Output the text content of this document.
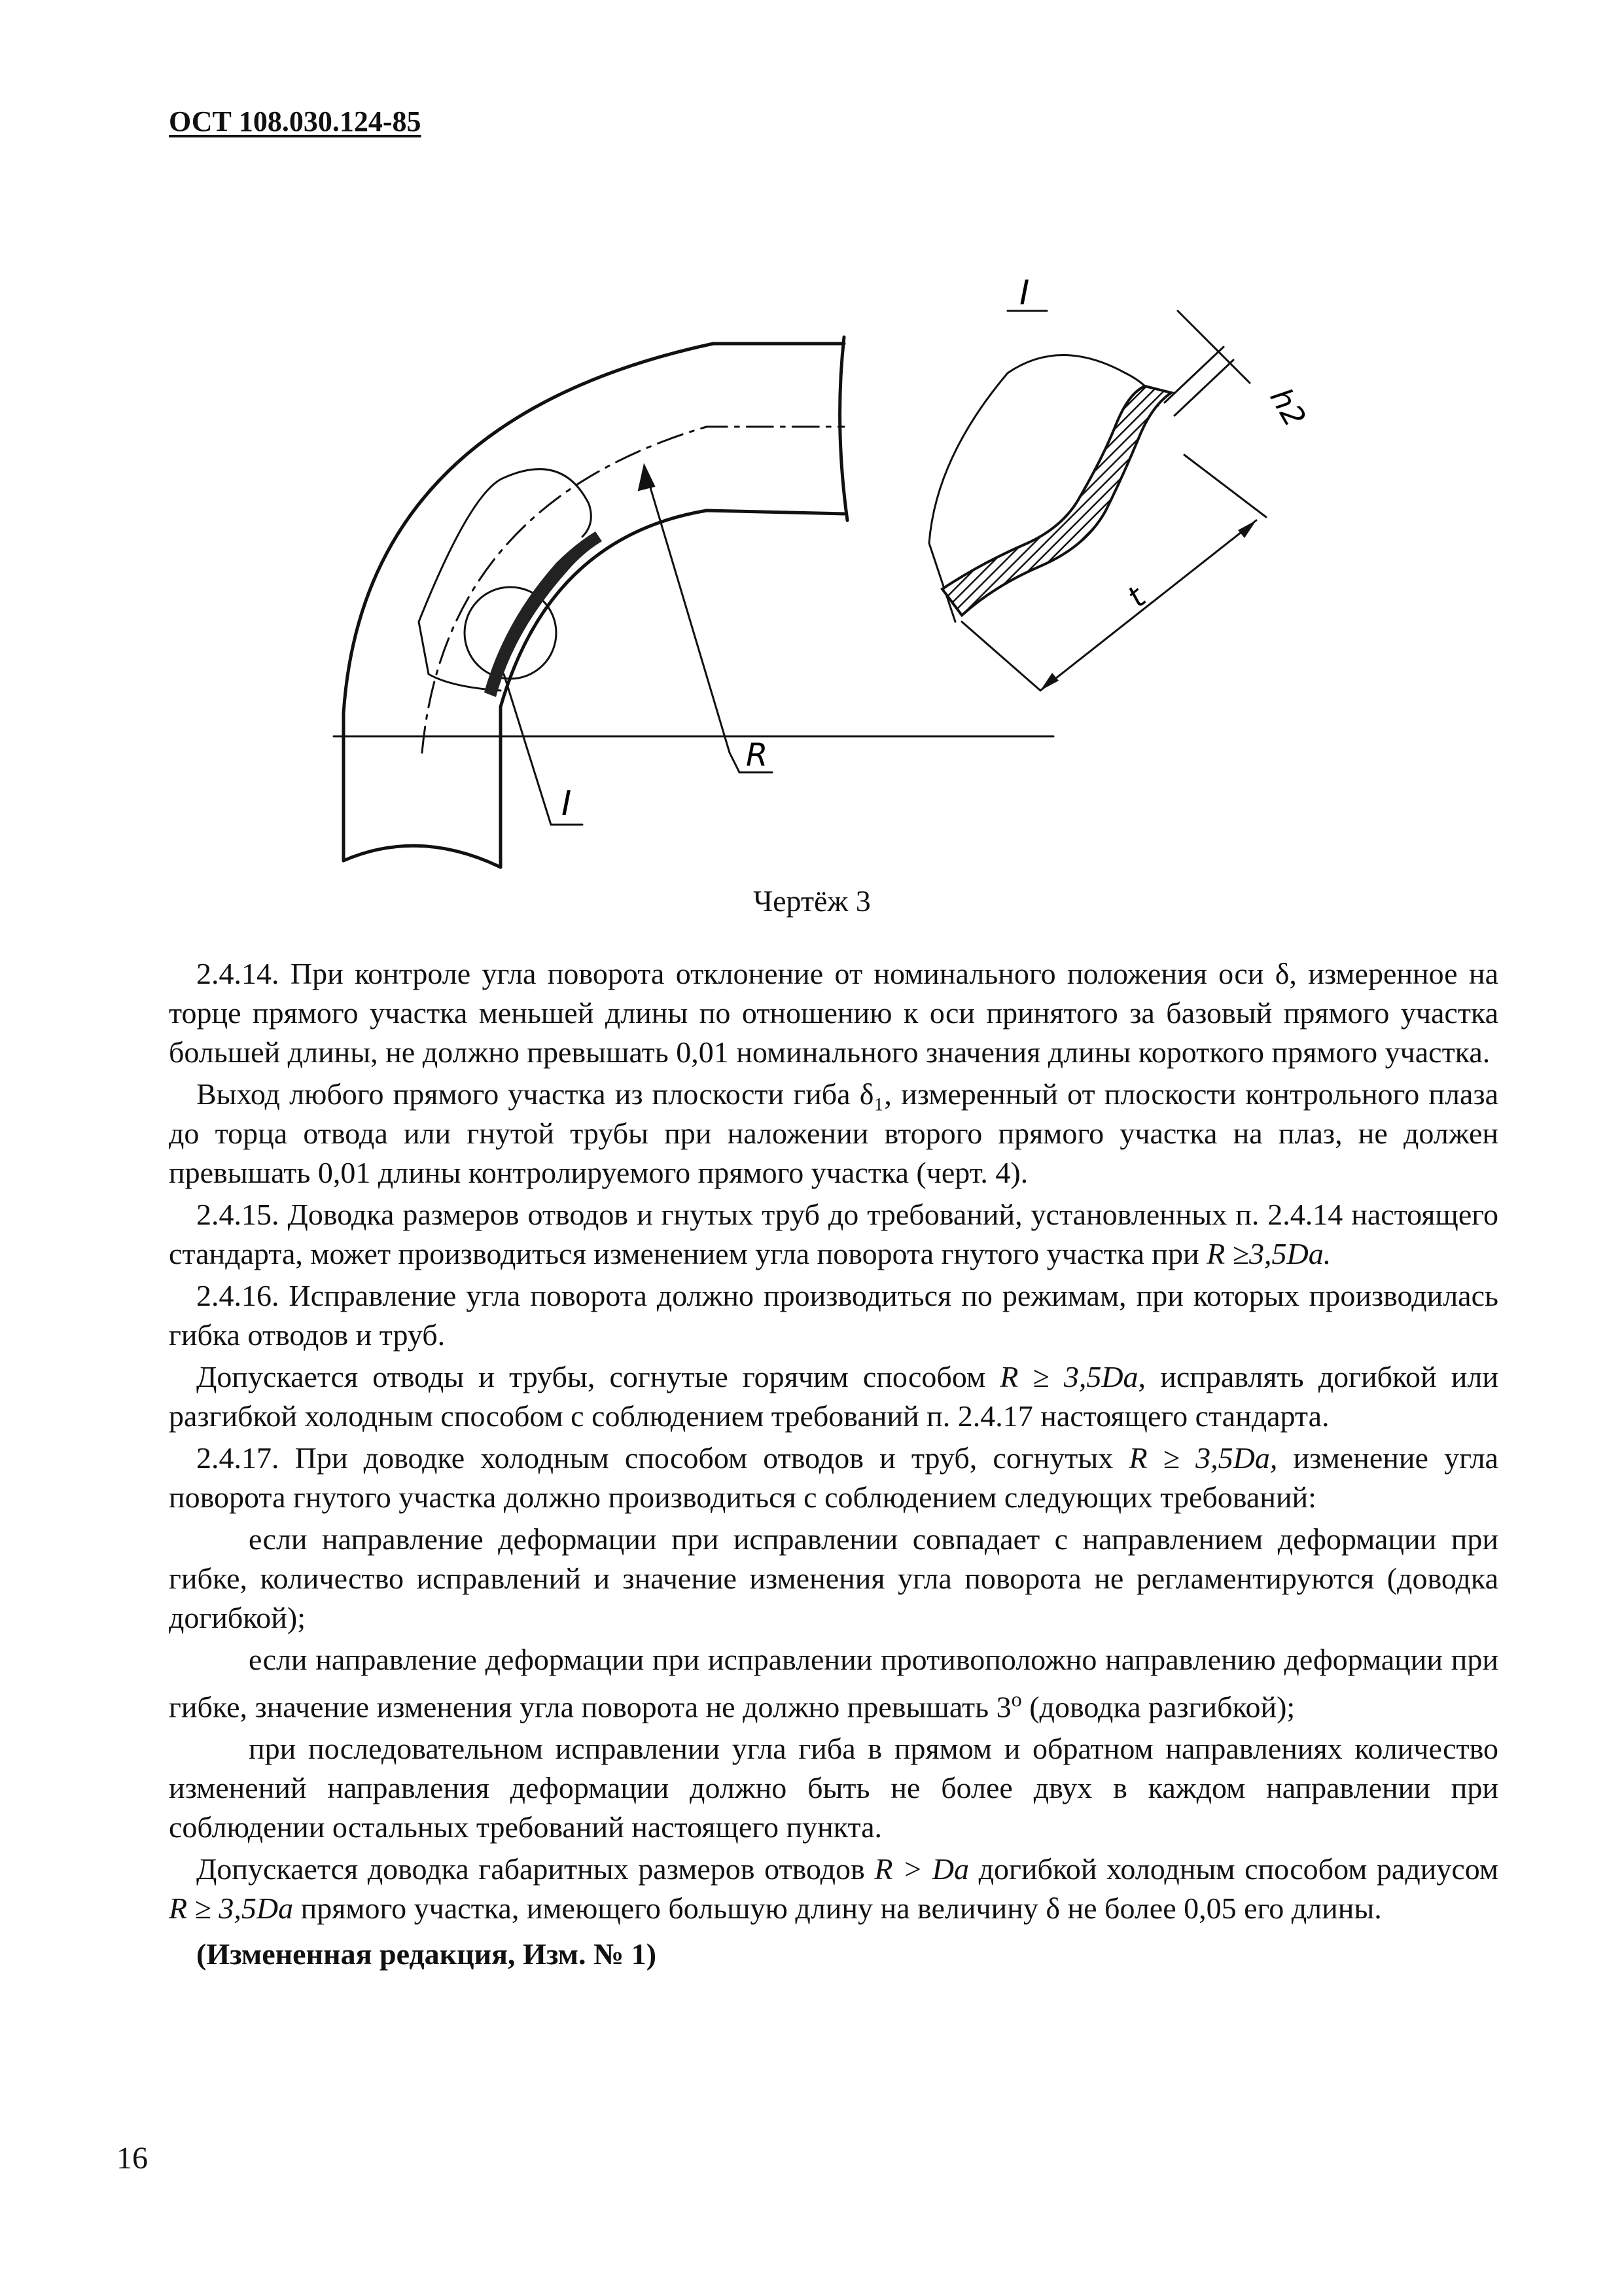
ОСТ 108.030.124-85
I
R
I
h2
t
Чертёж 3

2.4.14. При контроле угла поворота отклонение от номинального положения оси δ, измеренное на торце прямого участка меньшей длины по отношению к оси принятого за базовый прямого участка большей длины, не должно превышать 0,01 номинального значения длины короткого прямого участка.

Выход любого прямого участка из плоскости гиба δ₁, измеренный от плоскости контрольного плаза до торца отвода или гнутой трубы при наложении второго прямого участка на плаз, не должен превышать 0,01 длины контролируемого прямого участка (черт. 4).

2.4.15. Доводка размеров отводов и гнутых труб до требований, установленных п. 2.4.14 настоящего стандарта, может производиться изменением угла поворота гнутого участка при R ≥3,5Da.

2.4.16. Исправление угла поворота должно производиться по режимам, при которых производилась гибка отводов и труб.

Допускается отводы и трубы, согнутые горячим способом R ≥ 3,5Da, исправлять догибкой или разгибкой холодным способом с соблюдением требований п. 2.4.17 настоящего стандарта.

2.4.17. При доводке холодным способом отводов и труб, согнутых R ≥ 3,5Da, изменение угла поворота гнутого участка должно производиться с соблюдением следующих требований:

если направление деформации при исправлении совпадает с направлением деформации при гибке, количество исправлений и значение изменения угла поворота не регламентируются (доводка догибкой);

если направление деформации при исправлении противоположно направлению деформации при гибке, значение изменения угла поворота не должно превышать $3^о$ (доводка разгибкой);

при последовательном исправлении угла гиба в прямом и обратном направлениях количество изменений направления деформации должно быть не более двух в каждом направлении при соблюдении остальных требований настоящего пункта.

Допускается доводка габаритных размеров отводов R > Da догибкой холодным способом радиусом R ≥ 3,5Da прямого участка, имеющего большую длину на величину δ не более 0,05 его длины.

(Измененная редакция, Изм. № 1)

16
